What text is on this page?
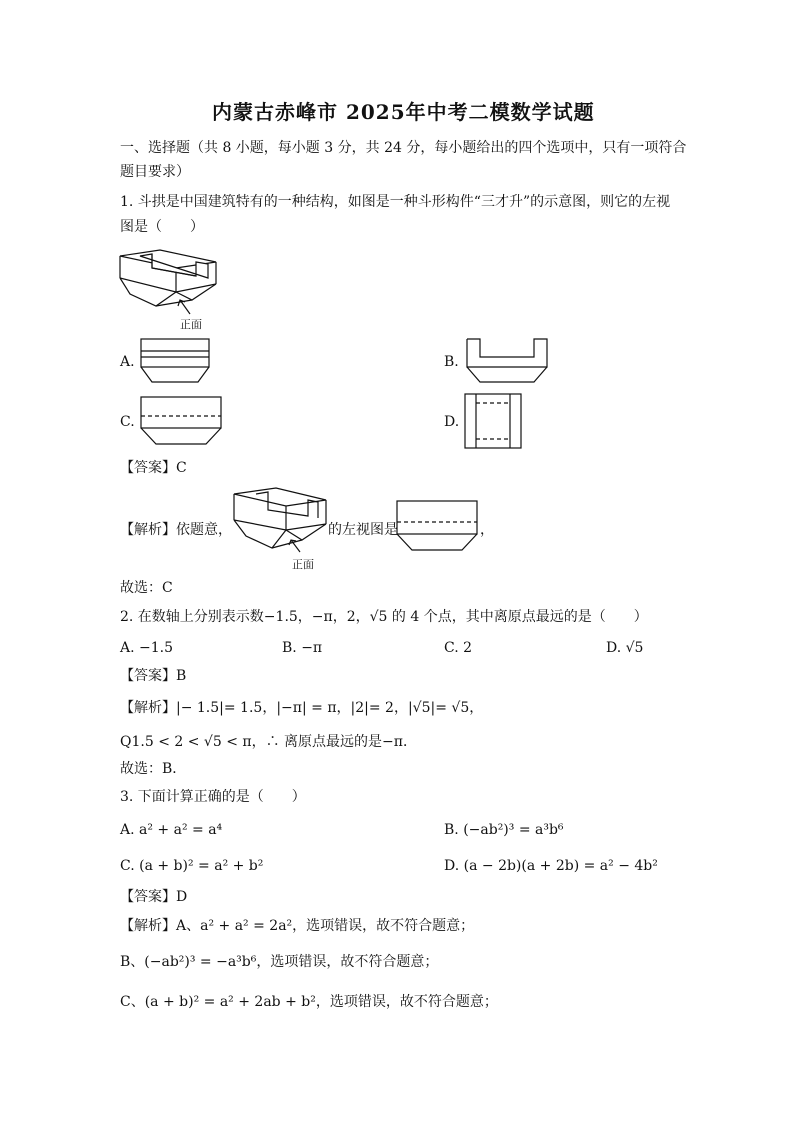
内蒙古赤峰市 2025年中考二模数学试题
一、选择题（共 8 小题，每小题 3 分，共 24 分，每小题给出的四个选项中，只有一项符合
题目要求）
1. 斗拱是中国建筑特有的一种结构，如图是一种斗形构件“三才升”的示意图，则它的左视
图是（　　）
正面
A.	B.
C.	D.
【答案】C
【解析】依题意，
正面
的左视图是	，
故选：C
2. 在数轴上分别表示数−1.5，−π，2，√5 的 4 个点，其中离原点最远的是（　　）
A. −1.5	B. −π	C. 2	D. √5
【答案】B
【解析】|− 1.5|= 1.5，|−π| = π，|2|= 2，|√5|= √5，
Q1.5 < 2 < √5 < π，∴ 离原点最远的是−π．
故选：B．
3. 下面计算正确的是（　　）
A. a² + a² = a⁴	B. (−ab²)³ = a³b⁶
C. (a + b)² = a² + b²	D. (a − 2b)(a + 2b) = a² − 4b²
【答案】D
【解析】A、a² + a² = 2a²，选项错误，故不符合题意；
B、(−ab²)³ = −a³b⁶，选项错误，故不符合题意；
C、(a + b)² = a² + 2ab + b²，选项错误，故不符合题意；
